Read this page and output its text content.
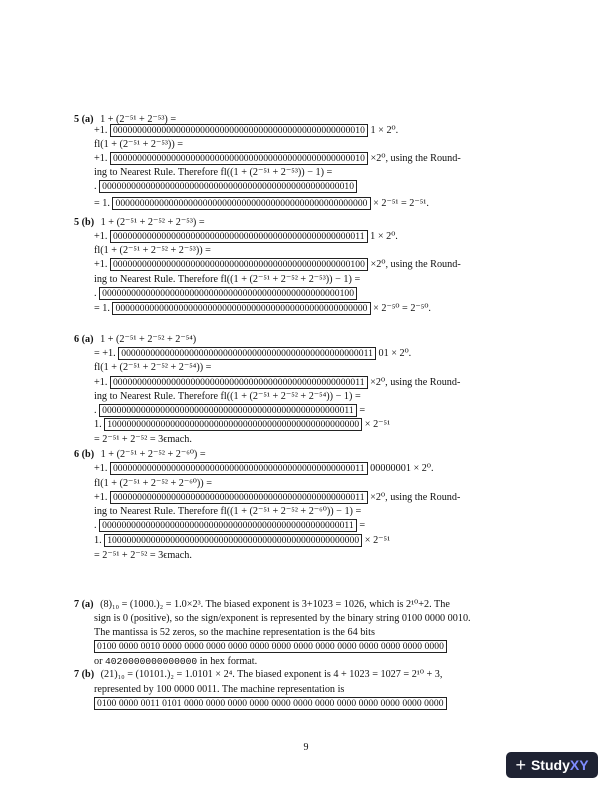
5 (a) 1 + (2⁻⁵¹ + 2⁻⁵³) =
+1. 0000000000000000000000000000000000000000000000000010 1 × 2⁰.
fl(1 + (2⁻⁵¹ + 2⁻⁵³)) =
+1. 0000000000000000000000000000000000000000000000000010 ×2⁰, using the Round-
ing to Nearest Rule. Therefore fl((1 + (2⁻⁵¹ + 2⁻⁵³)) − 1) =
. 0000000000000000000000000000000000000000000000000010
= 1. 0000000000000000000000000000000000000000000000000000 × 2⁻⁵¹ = 2⁻⁵¹.
5 (b) 1 + (2⁻⁵¹ + 2⁻⁵² + 2⁻⁵³) =
+1. 0000000000000000000000000000000000000000000000000011 1 × 2⁰.
fl(1 + (2⁻⁵¹ + 2⁻⁵² + 2⁻⁵³)) =
+1. 0000000000000000000000000000000000000000000000000100 ×2⁰, using the Round-
ing to Nearest Rule. Therefore fl((1 + (2⁻⁵¹ + 2⁻⁵² + 2⁻⁵³)) − 1) =
. 0000000000000000000000000000000000000000000000000100
= 1. 0000000000000000000000000000000000000000000000000000 × 2⁻⁵⁰ = 2⁻⁵⁰.
6 (a) 1 + (2⁻⁵¹ + 2⁻⁵² + 2⁻⁵⁴)
= +1. 0000000000000000000000000000000000000000000000000011 01 × 2⁰.
fl(1 + (2⁻⁵¹ + 2⁻⁵² + 2⁻⁵⁴)) =
+1. 0000000000000000000000000000000000000000000000000011 ×2⁰, using the Round-
ing to Nearest Rule. Therefore fl((1 + (2⁻⁵¹ + 2⁻⁵² + 2⁻⁵⁴)) − 1) =
. 0000000000000000000000000000000000000000000000000011 =
1. 1000000000000000000000000000000000000000000000000000 × 2⁻⁵¹
= 2⁻⁵¹ + 2⁻⁵² = 3ϵmach.
6 (b) 1 + (2⁻⁵¹ + 2⁻⁵² + 2⁻⁶⁰) =
+1. 0000000000000000000000000000000000000000000000000011 00000001 × 2⁰.
fl(1 + (2⁻⁵¹ + 2⁻⁵² + 2⁻⁶⁰)) =
+1. 0000000000000000000000000000000000000000000000000011 ×2⁰, using the Round-
ing to Nearest Rule. Therefore fl((1 + (2⁻⁵¹ + 2⁻⁵² + 2⁻⁶⁰)) − 1) =
. 0000000000000000000000000000000000000000000000000011 =
1. 1000000000000000000000000000000000000000000000000000 × 2⁻⁵¹
= 2⁻⁵¹ + 2⁻⁵² = 3ϵmach.
7 (a) (8)₁₀ = (1000.)₂ = 1.0×2³. The biased exponent is 3+1023 = 1026, which is 2¹⁰+2. The
sign is 0 (positive), so the sign/exponent is represented by the binary string 0100 0000 0010.
The mantissa is 52 zeros, so the machine representation is the 64 bits
0100 0000 0010 0000 0000 0000 0000 0000 0000 0000 0000 0000 0000 0000 0000 0000
or 4020000000000000 in hex format.
7 (b) (21)₁₀ = (10101.)₂ = 1.0101 × 2⁴. The biased exponent is 4 + 1023 = 1027 = 2¹⁰ + 3,
represented by 100 0000 0011. The machine representation is
0100 0000 0011 0101 0000 0000 0000 0000 0000 0000 0000 0000 0000 0000 0000 0000
9
+ StudyXY
